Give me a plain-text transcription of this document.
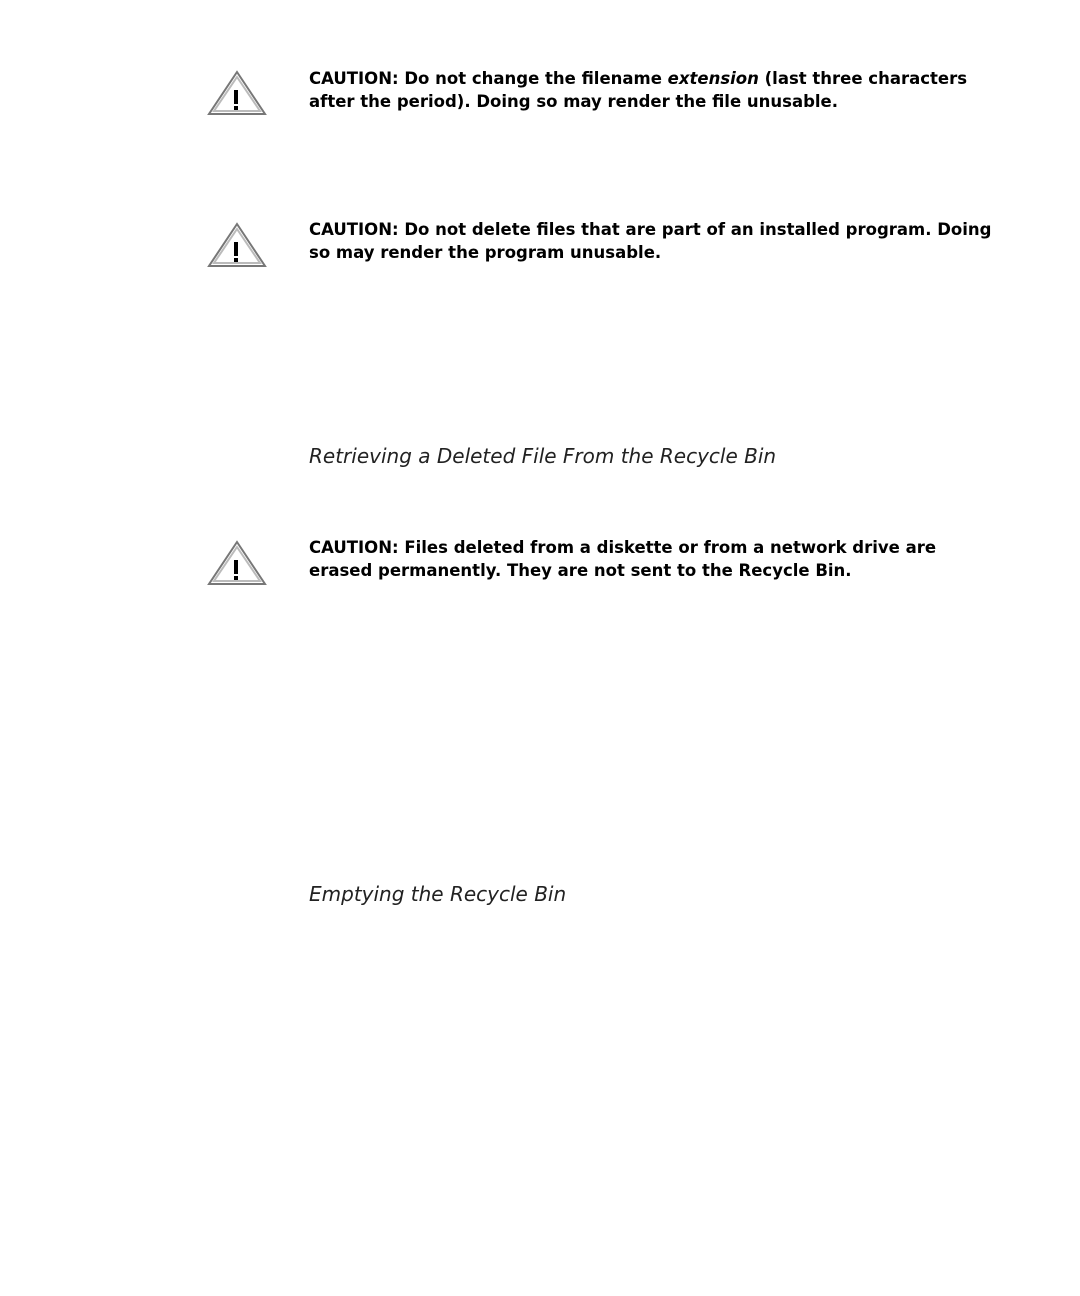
CAUTION: Do not change the filename extension (last three characters after the period). Doing so may render the file unusable.

CAUTION: Do not delete files that are part of an installed program. Doing so may render the program unusable.

Retrieving a Deleted File From the Recycle Bin

CAUTION: Files deleted from a diskette or from a network drive are erased permanently. They are not sent to the Recycle Bin.

Emptying the Recycle Bin
